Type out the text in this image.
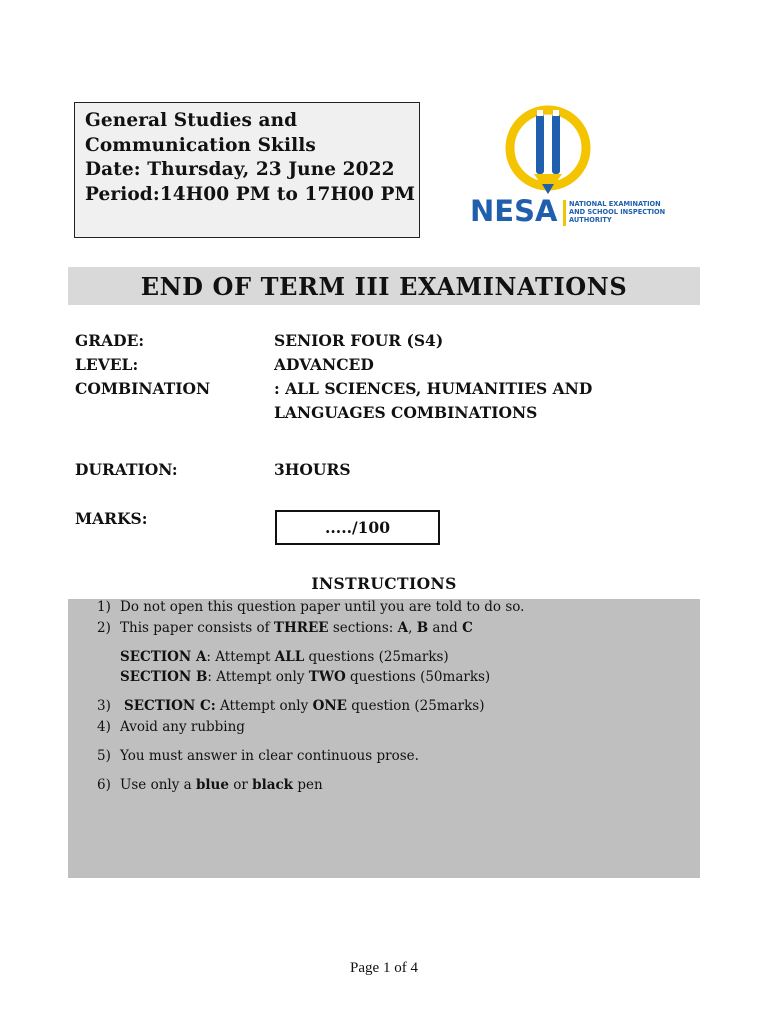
General Studies and
Communication Skills
Date: Thursday, 23 June 2022
Period:14H00 PM to 17H00 PM NESA NATIONAL EXAMINATION
AND SCHOOL INSPECTION
AUTHORITY
END OF TERM III EXAMINATIONS
GRADE:	SENIOR FOUR (S4)
LEVEL:	ADVANCED
COMBINATION	: ALL SCIENCES, HUMANITIES AND
LANGUAGES COMBINATIONS
DURATION:	3HOURS
MARKS:	...../100
INSTRUCTIONS
1) Do not open this question paper until you are told to do so.
2) This paper consists of THREE sections: A, B and C
SECTION A: Attempt ALL questions (25marks)
SECTION B: Attempt only TWO questions (50marks)
3) SECTION C: Attempt only ONE question (25marks)
4) Avoid any rubbing
5) You must answer in clear continuous prose.
6) Use only a blue or black pen
Page 1 of 4
